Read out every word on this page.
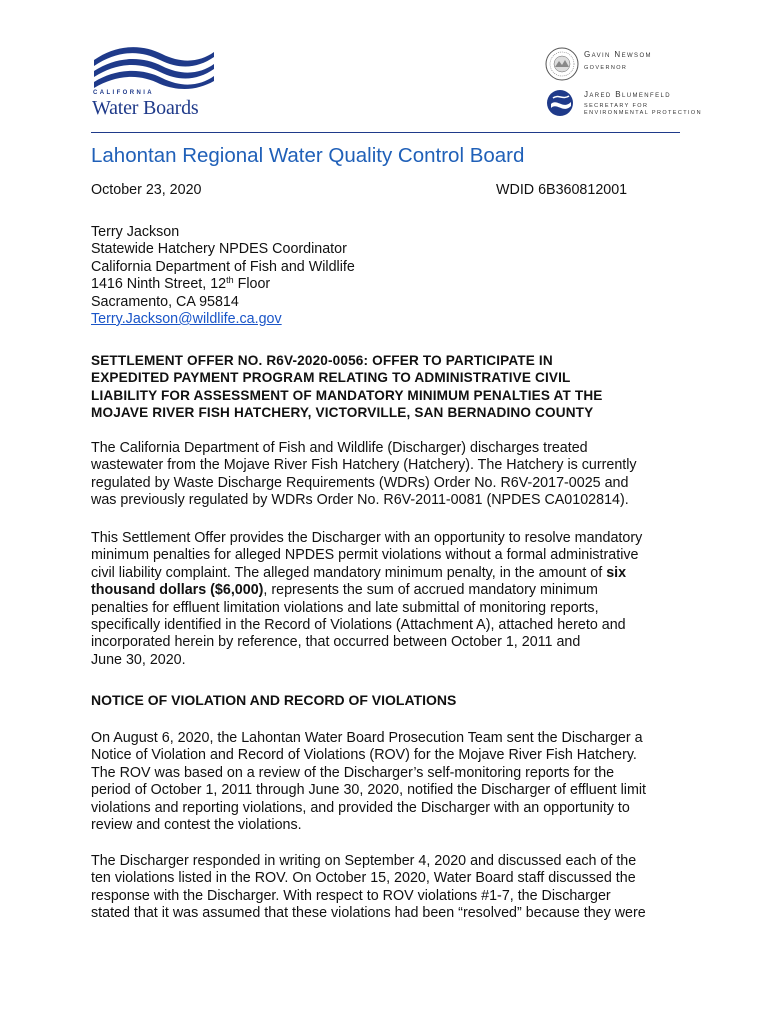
CALIFORNIA
Water Boards
Gavin Newsom
GOVERNOR
Jared Blumenfeld
SECRETARY FOR
ENVIRONMENTAL PROTECTION
Lahontan Regional Water Quality Control Board
October 23, 2020	WDID 6B360812001
Terry Jackson
Statewide Hatchery NPDES Coordinator
California Department of Fish and Wildlife
1416 Ninth Street, 12th Floor
Sacramento, CA 95814
Terry.Jackson@wildlife.ca.gov
SETTLEMENT OFFER NO. R6V-2020-0056: OFFER TO PARTICIPATE IN
EXPEDITED PAYMENT PROGRAM RELATING TO ADMINISTRATIVE CIVIL
LIABILITY FOR ASSESSMENT OF MANDATORY MINIMUM PENALTIES AT THE
MOJAVE RIVER FISH HATCHERY, VICTORVILLE, SAN BERNADINO COUNTY
The California Department of Fish and Wildlife (Discharger) discharges treated
wastewater from the Mojave River Fish Hatchery (Hatchery). The Hatchery is currently
regulated by Waste Discharge Requirements (WDRs) Order No. R6V-2017-0025 and
was previously regulated by WDRs Order No. R6V-2011-0081 (NPDES CA0102814).
This Settlement Offer provides the Discharger with an opportunity to resolve mandatory
minimum penalties for alleged NPDES permit violations without a formal administrative
civil liability complaint. The alleged mandatory minimum penalty, in the amount of six
thousand dollars ($6,000), represents the sum of accrued mandatory minimum
penalties for effluent limitation violations and late submittal of monitoring reports,
specifically identified in the Record of Violations (Attachment A), attached hereto and
incorporated herein by reference, that occurred between October 1, 2011 and
June 30, 2020.
NOTICE OF VIOLATION AND RECORD OF VIOLATIONS
On August 6, 2020, the Lahontan Water Board Prosecution Team sent the Discharger a
Notice of Violation and Record of Violations (ROV) for the Mojave River Fish Hatchery.
The ROV was based on a review of the Discharger’s self-monitoring reports for the
period of October 1, 2011 through June 30, 2020, notified the Discharger of effluent limit
violations and reporting violations, and provided the Discharger with an opportunity to
review and contest the violations.
The Discharger responded in writing on September 4, 2020 and discussed each of the
ten violations listed in the ROV. On October 15, 2020, Water Board staff discussed the
response with the Discharger. With respect to ROV violations #1-7, the Discharger
stated that it was assumed that these violations had been “resolved” because they were
